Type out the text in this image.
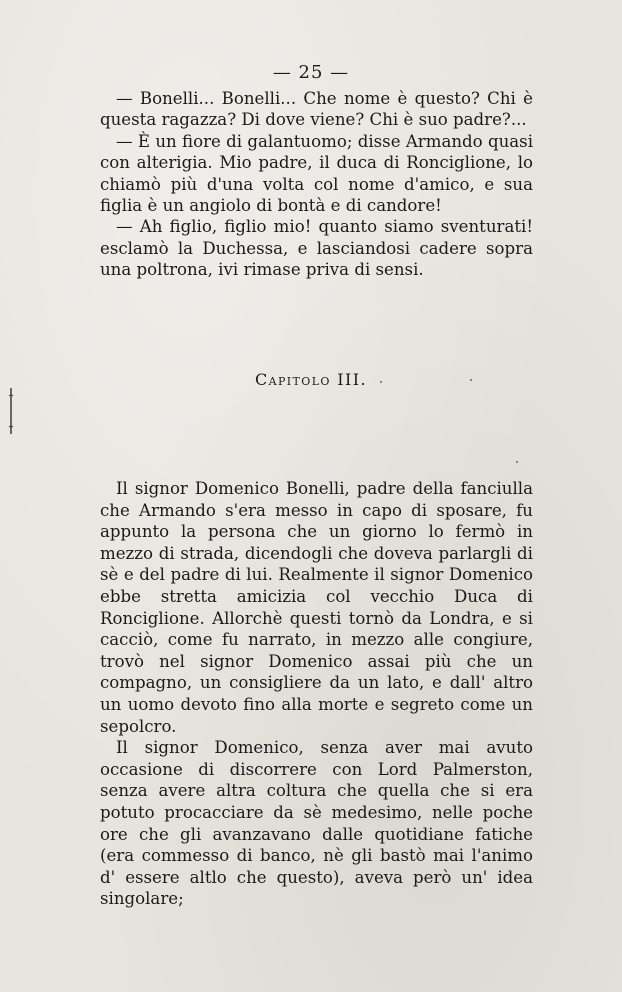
— 25 —

— Bonelli... Bonelli... Che nome è questo? Chi è questa ragazza? Di dove viene? Chi è suo padre?...

— È un fiore di galantuomo; disse Armando quasi con alterigia. Mio padre, il duca di Ronciglione, lo chiamò più d'una volta col nome d'amico, e sua figlia è un angiolo di bontà e di candore!

— Ah figlio, figlio mio! quanto siamo sventurati! esclamò la Duchessa, e lasciandosi cadere sopra una poltrona, ivi rimase priva di sensi.

Capitolo III.

Il signor Domenico Bonelli, padre della fanciulla che Armando s'era messo in capo di sposare, fu appunto la persona che un giorno lo fermò in mezzo di strada, dicendogli che doveva parlargli di sè e del padre di lui. Realmente il signor Domenico ebbe stretta amicizia col vecchio Duca di Ronciglione. Allorchè questi tornò da Londra, e si cacciò, come fu narrato, in mezzo alle congiure, trovò nel signor Domenico assai più che un compagno, un consigliere da un lato, e dall' altro un uomo devoto fino alla morte e segreto come un sepolcro.

Il signor Domenico, senza aver mai avuto occasione di discorrere con Lord Palmerston, senza avere altra coltura che quella che si era potuto procacciare da sè medesimo, nelle poche ore che gli avanzavano dalle quotidiane fatiche (era commesso di banco, nè gli bastò mai l'animo d' essere altlo che questo), aveva però un' idea singolare;
